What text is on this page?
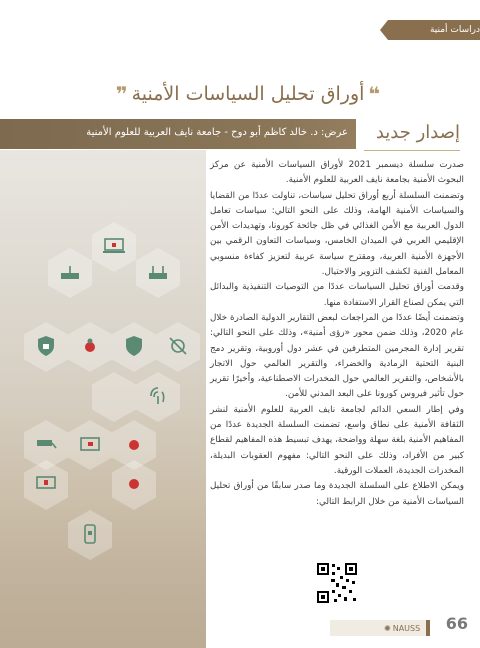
دراسات أمنية
❝
أوراق تحليل السياسات الأمنية
❞
عرض: د. خالد كاظم أبو دوح - جامعة نايف العربية للعلوم الأمنية	إصدار جديد

صدرت سلسلة ديسمبر 2021 لأوراق السياسات الأمنية عن مركز البحوث الأمنية بجامعة نايف العربية للعلوم الأمنية.

وتضمنت السلسلة أربع أوراق تحليل سياسات، تناولت عددًا من القضايا والسياسات الأمنية الهامة، وذلك على النحو التالي: سياسات تعامل الدول العربية مع الأمن الغذائي في ظل جائحة كورونا، وتهديدات الأمن الإقليمي العربي في الميدان الخامس، وسياسات التعاون الرقمي بين الأجهزة الأمنية العربية، ومقترح سياسة عربية لتعزيز كفاءة منسوبي المعامل الفنية لكشف التزوير والاحتيال.

وقدمت أوراق تحليل السياسات عددًا من التوصيات التنفيذية والبدائل التي يمكن لصناع القرار الاستفادة منها.

وتضمنت أيضًا عددًا من المراجعات لبعض التقارير الدولية الصادرة خلال عام 2020، وذلك ضمن محور «رؤى أمنية»، وذلك على النحو التالي: تقرير إدارة المجرمين المتطرفين في عشر دول أوروبية، وتقرير دمج البنية التحتية الرمادية والخضراء، والتقرير العالمي حول الاتجار بالأشخاص، والتقرير العالمي حول المخدرات الاصطناعية، وأخيرًا تقرير حول تأثير فيروس كورونا على البعد المدني للأمن.

وفي إطار السعي الدائم لجامعة نايف العربية للعلوم الأمنية لنشر الثقافة الأمنية على نطاق واسع، تضمنت السلسلة الجديدة عددًا من المفاهيم الأمنية بلغة سهلة وواضحة، يهدف تبسيط هذه المفاهيم لقطاع كبير من الأفراد، وذلك على النحو التالي: مفهوم العقوبات البديلة، المخدرات الجديدة، العملات الورقية.

ويمكن الاطلاع على السلسلة الجديدة وما صدر سابقًا من أوراق تحليل السياسات الأمنية من خلال الرابط التالي:

✺ NAUSS	66
